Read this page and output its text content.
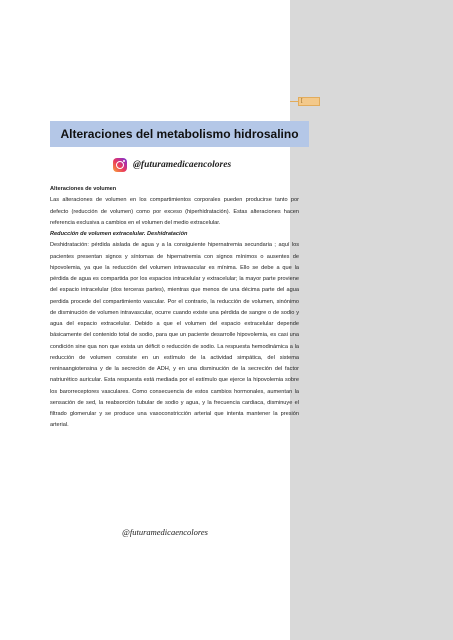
[
Alteraciones del metabolismo hidrosalino
@futuramedicaencolores

Alteraciones de volumen

Las alteraciones de volumen en los compartimientos corporales pueden producirse tanto por defecto (reducción de volumen) como por exceso (hiperhidratación). Estas alteraciones hacen referencia exclusiva a cambios en el volumen del medio extracelular.

Reducción de volumen extracelular. Deshidratación

Deshidratación: pérdida aislada de agua y a la consiguiente hipernatremia secundaria ; aquí los pacientes presentan signos y síntomas de hipernatremia con signos mínimos o ausentes de hipovolemia, ya que la reducción del volumen intravascular es mínima. Ello se debe a que la pérdida de agua es compartida por los espacios intracelular y extracelular; la mayor parte proviene del espacio intracelular (dos terceras partes), mientras que menos de una décima parte del agua perdida procede del compartimiento vascular. Por el contrario, la reducción de volumen, sinónimo de disminución de volumen intravascular, ocurre cuando existe una pérdida de sangre o de sodio y agua del espacio extracelular. Debido a que el volumen del espacio extracelular depende básicamente del contenido total de sodio, para que un paciente desarrolle hipovolemia, es casi una condición sine qua non que exista un déficit o reducción de sodio. La respuesta hemodinámica a la reducción de volumen consiste en un estímulo de la actividad simpática, del sistema reninaangiotensina y de la secreción de ADH, y en una disminución de la secreción del factor natriurético auricular. Esta respuesta está mediada por el estímulo que ejerce la hipovolemia sobre los barorreceptores vasculares. Como consecuencia de estos cambios hormonales, aumentan la sensación de sed, la reabsorción tubular de sodio y agua, y la frecuencia cardiaca, disminuye el filtrado glomerular y se produce una vasoconstricción arterial que intenta mantener la presión arterial.

@futuramedicaencolores
